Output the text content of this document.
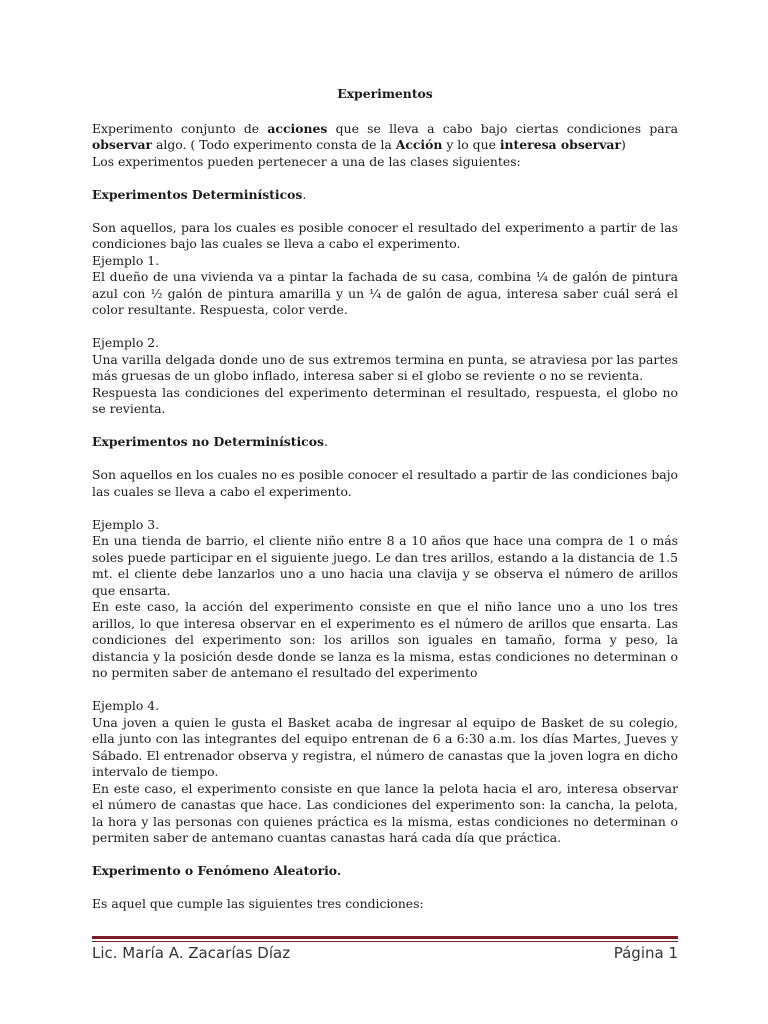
Experimentos

Experimento conjunto de acciones que se lleva a cabo bajo ciertas condiciones para observar algo. ( Todo experimento consta de la Acción y lo que interesa observar)

Los experimentos pueden pertenecer a una de las clases siguientes:

Experimentos Determinísticos.

Son aquellos, para los cuales es posible conocer el resultado del experimento a partir de las condiciones bajo las cuales se lleva a cabo el experimento.

Ejemplo 1.

El dueño de una vivienda va a pintar la fachada de su casa, combina ¼ de galón de pintura azul con ½ galón de pintura amarilla y un ¼ de galón de agua, interesa saber cuál será el color resultante. Respuesta, color verde.

Ejemplo 2.

Una varilla delgada donde uno de sus extremos termina en punta, se atraviesa por las partes más gruesas de un globo inflado, interesa saber si el globo se reviente o no se revienta.

Respuesta las condiciones del experimento determinan el resultado, respuesta, el globo no se revienta.

Experimentos no Determinísticos.

Son aquellos en los cuales no es posible conocer el resultado a partir de las condiciones bajo las cuales se lleva a cabo el experimento.

Ejemplo 3.

En una tienda de barrio, el cliente niño entre 8 a 10 años que hace una compra de 1 o más soles puede participar en el siguiente juego. Le dan tres arillos, estando a la distancia de 1.5 mt. el cliente debe lanzarlos uno a uno hacia una clavija y se observa el número de arillos que ensarta.

En este caso, la acción del experimento consiste en que el niño lance uno a uno los tres arillos, lo que interesa observar en el experimento es el número de arillos que ensarta. Las condiciones del experimento son: los arillos son iguales en tamaño, forma y peso, la distancia y la posición desde donde se lanza es la misma, estas condiciones no determinan o no permiten saber de antemano el resultado del experimento

Ejemplo 4.

Una joven a quien le gusta el Basket acaba de ingresar al equipo de Basket de su colegio, ella junto con las integrantes del equipo entrenan de 6 a 6:30 a.m. los días Martes, Jueves y Sábado. El entrenador observa y registra, el número de canastas que la joven logra en dicho intervalo de tiempo.

En este caso, el experimento consiste en que lance la pelota hacia el aro, interesa observar el número de canastas que hace. Las condiciones del experimento son: la cancha, la pelota, la hora y las personas con quienes práctica es la misma, estas condiciones no determinan o permiten saber de antemano cuantas canastas hará cada día que práctica.

Experimento o Fenómeno Aleatorio.

Es aquel que cumple las siguientes tres condiciones:

Lic. María A. Zacarías Díaz	Página 1
